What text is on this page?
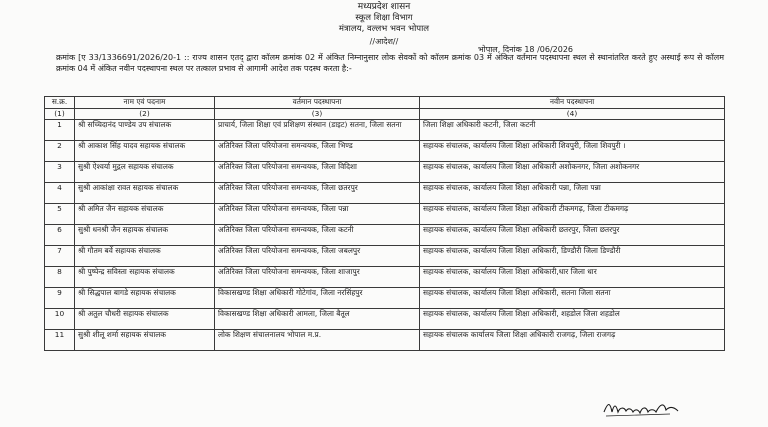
मध्यप्रदेश शासन
स्कूल शिक्षा विभाग
मंत्रालय, वल्लभ भवन भोपाल
//आदेश//
भोपाल, दिनांक 18 /06/2026
क्रमांक [ए 33/1336691/2026/20-1 :: राज्य शासन एतद् द्वारा कॉलम क्रमांक 02 में अंकित निम्नानुसार लोक सेवकों को कॉलम क्रमांक 03 में अंकित वर्तमान पदस्थापना स्थल से स्थानांतरित करते हुए अस्थाई रूप से कॉलम क्रमांक 04 में अंकित नवीन पदस्थापना स्थल पर तत्काल प्रभाव से आगामी आदेश तक पदस्थ करता है:-
स.क्र.	नाम एवं पदनाम	वर्तमान पदस्थापना	नवीन पदस्थापना
(1)	(2)	(3)	(4)
1	श्री सच्चिदानंद पाण्डेय उप संचालक	प्राचार्य, जिला शिक्षा एवं प्रशिक्षण संस्थान (डाइट) सतना, जिला सतना	जिला शिक्षा अधिकारी कटनी, जिला कटनी
2	श्री आकाश सिंह यादव सहायक संचालक	अतिरिक्त जिला परियोजना समन्वयक, जिला भिण्ड	सहायक संचालक, कार्यालय जिला शिक्षा अधिकारी शिवपुरी, जिला शिवपुरी ।
3	सुश्री ऐश्वर्या मुद्गल सहायक संचालक	अतिरिक्त जिला परियोजना समन्वयक, जिला विदिशा	सहायक संचालक, कार्यालय जिला शिक्षा अधिकारी अशोकनगर, जिला अशोकनगर
4	सुश्री आकांक्षा रावत सहायक संचालक	अतिरिक्त जिला परियोजना समन्वयक, जिला छतरपुर	सहायक संचालक, कार्यालय जिला शिक्षा अधिकारी पन्ना, जिला पन्ना
5	श्री अमित जैन सहायक संचालक	अतिरिक्त जिला परियोजना समन्वयक, जिला पन्ना	सहायक संचालक, कार्यालय जिला शिक्षा अधिकारी टीकमगढ़, जिला टीकमगढ़
6	सुश्री धनश्री जैन सहायक संचालक	अतिरिक्त जिला परियोजना समन्वयक, जिला कटनी	सहायक संचालक, कार्यालय जिला शिक्षा अधिकारी छतरपुर, जिला छतरपुर
7	श्री गौतम बर्वे सहायक संचालक	अतिरिक्त जिला परियोजना समन्वयक, जिला जबलपुर	सहायक संचालक, कार्यालय जिला शिक्षा अधिकारी, डिण्डौरी जिला डिण्डौरी
8	श्री पुष्पेन्द्र सविस्ता सहायक संचालक	अतिरिक्त जिला परियोजना समन्वयक, जिला शाजापुर	सहायक संचालक, कार्यालय जिला शिक्षा अधिकारी,धार जिला धार
9	श्री सिद्धपाल बागडे सहायक संचालक	विकासखण्ड शिक्षा अधिकारी गोटेगांव, जिला नरसिंहपुर	सहायक संचालक, कार्यालय जिला शिक्षा अधिकारी, सतना जिला सतना
10	श्री अतुल चौधरी सहायक संचालक	विकासखण्ड शिक्षा अधिकारी आमला, जिला बैतूल	सहायक संचालक, कार्यालय जिला शिक्षा अधिकारी, शहडोल जिला शहडोल
11	सुश्री शीलू शर्मा सहायक संचालक	लोक शिक्षण संचालनालय भोपाल म.प्र.	सहायक संचालक कार्यालय जिला शिक्षा अधिकारी राजगढ़, जिला राजगढ़
